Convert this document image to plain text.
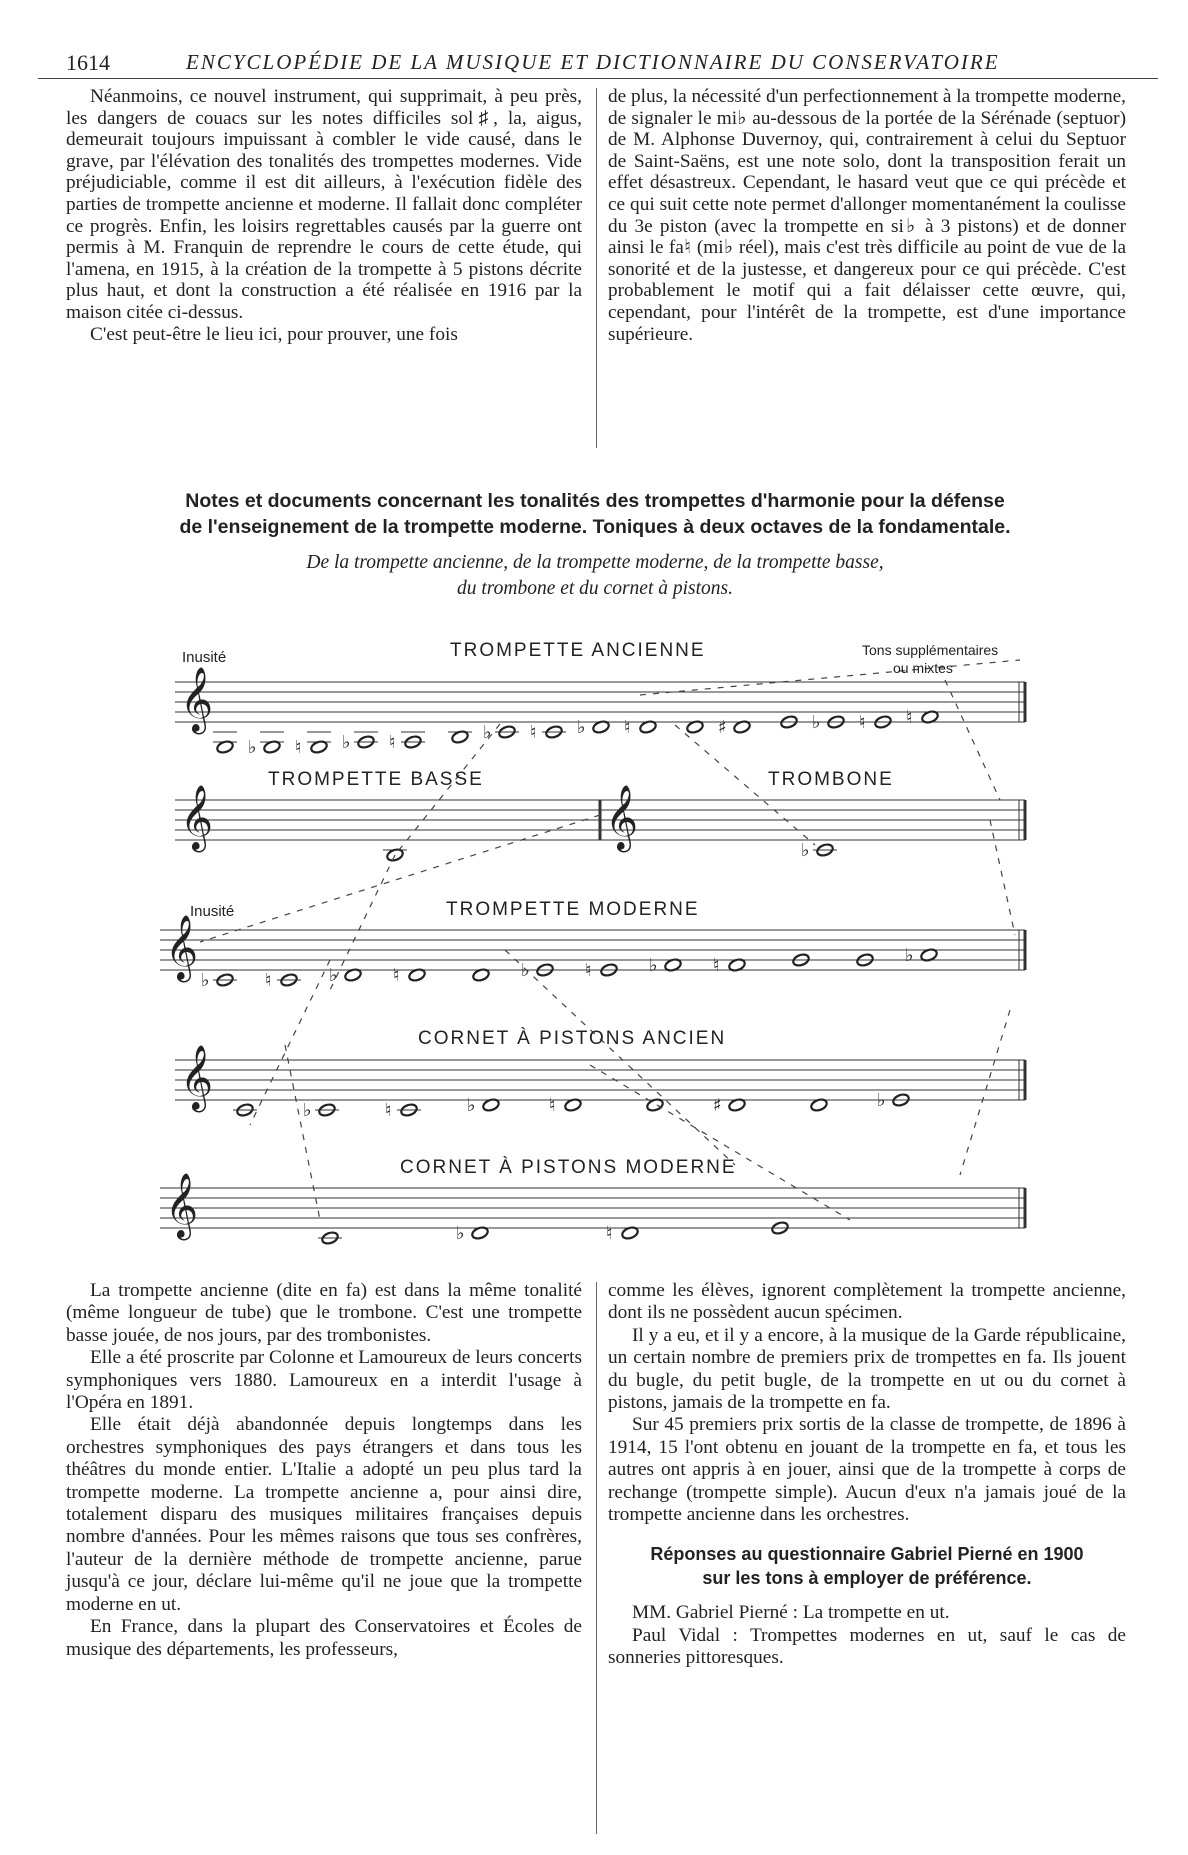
1614	ENCYCLOPÉDIE DE LA MUSIQUE ET DICTIONNAIRE DU CONSERVATOIRE

Néanmoins, ce nouvel instrument, qui supprimait, à peu près, les dangers de couacs sur les notes difficiles sol♯, la, aigus, demeurait toujours impuissant à combler le vide causé, dans le grave, par l'élévation des tonalités des trompettes modernes. Vide préjudiciable, comme il est dit ailleurs, à l'exécution fidèle des parties de trompette ancienne et moderne. Il fallait donc compléter ce progrès. Enfin, les loisirs regrettables causés par la guerre ont permis à M. Franquin de reprendre le cours de cette étude, qui l'amena, en 1915, à la création de la trompette à 5 pistons décrite plus haut, et dont la construction a été réalisée en 1916 par la maison citée ci-dessus.

C'est peut-être le lieu ici, pour prouver, une fois

de plus, la nécessité d'un perfectionnement à la trompette moderne, de signaler le mi♭ au-dessous de la portée de la Sérénade (septuor) de M. Alphonse Duvernoy, qui, contrairement à celui du Septuor de Saint-Saëns, est une note solo, dont la transposition ferait un effet désastreux. Cependant, le hasard veut que ce qui précède et ce qui suit cette note permet d'allonger momentanément la coulisse du 3e piston (avec la trompette en si♭ à 3 pistons) et de donner ainsi le fa♮ (mi♭ réel), mais c'est très difficile au point de vue de la sonorité et de la justesse, et dangereux pour ce qui précède. C'est probablement le motif qui a fait délaisser cette œuvre, qui, cependant, pour l'intérêt de la trompette, est d'une importance supérieure.

Notes et documents concernant les tonalités des trompettes d'harmonie pour la défense
de l'enseignement de la trompette moderne. Toniques à deux octaves de la fondamentale.
De la trompette ancienne, de la trompette moderne, de la trompette basse,
du trombone et du cornet à pistons.
𝄞
𝄞	𝄞
𝄞
𝄞
𝄞
♭ ♮ ♭ ♮	♭ ♮ ♭ ♮	♯	♭ ♮ ♮
♭
♭	♮	♭	♮	♭	♮	♭	♮	♭
♭	♮	♭	♮	♯	♭
♭	♮
Inusité	TROMPETTE ANCIENNE	Tons supplémentaires
ou mixtes
TROMPETTE BASSE	TROMBONE
Inusité	TROMPETTE MODERNE
CORNET À PISTONS ANCIEN
CORNET À PISTONS MODERNE

La trompette ancienne (dite en fa) est dans la même tonalité (même longueur de tube) que le trombone. C'est une trompette basse jouée, de nos jours, par des trombonistes.

Elle a été proscrite par Colonne et Lamoureux de leurs concerts symphoniques vers 1880. Lamoureux en a interdit l'usage à l'Opéra en 1891.

Elle était déjà abandonnée depuis longtemps dans les orchestres symphoniques des pays étrangers et dans tous les théâtres du monde entier. L'Italie a adopté un peu plus tard la trompette moderne. La trompette ancienne a, pour ainsi dire, totalement disparu des musiques militaires françaises depuis nombre d'années. Pour les mêmes raisons que tous ses confrères, l'auteur de la dernière méthode de trompette ancienne, parue jusqu'à ce jour, déclare lui-même qu'il ne joue que la trompette moderne en ut.

En France, dans la plupart des Conservatoires et Écoles de musique des départements, les professeurs,

comme les élèves, ignorent complètement la trompette ancienne, dont ils ne possèdent aucun spécimen.

Il y a eu, et il y a encore, à la musique de la Garde républicaine, un certain nombre de premiers prix de trompettes en fa. Ils jouent du bugle, du petit bugle, de la trompette en ut ou du cornet à pistons, jamais de la trompette en fa.

Sur 45 premiers prix sortis de la classe de trompette, de 1896 à 1914, 15 l'ont obtenu en jouant de la trompette en fa, et tous les autres ont appris à en jouer, ainsi que de la trompette à corps de rechange (trompette simple). Aucun d'eux n'a jamais joué de la trompette ancienne dans les orchestres.

Réponses au questionnaire Gabriel Pierné en 1900
sur les tons à employer de préférence.

MM. Gabriel Pierné : La trompette en ut.

Paul Vidal : Trompettes modernes en ut, sauf le cas de sonneries pittoresques.
